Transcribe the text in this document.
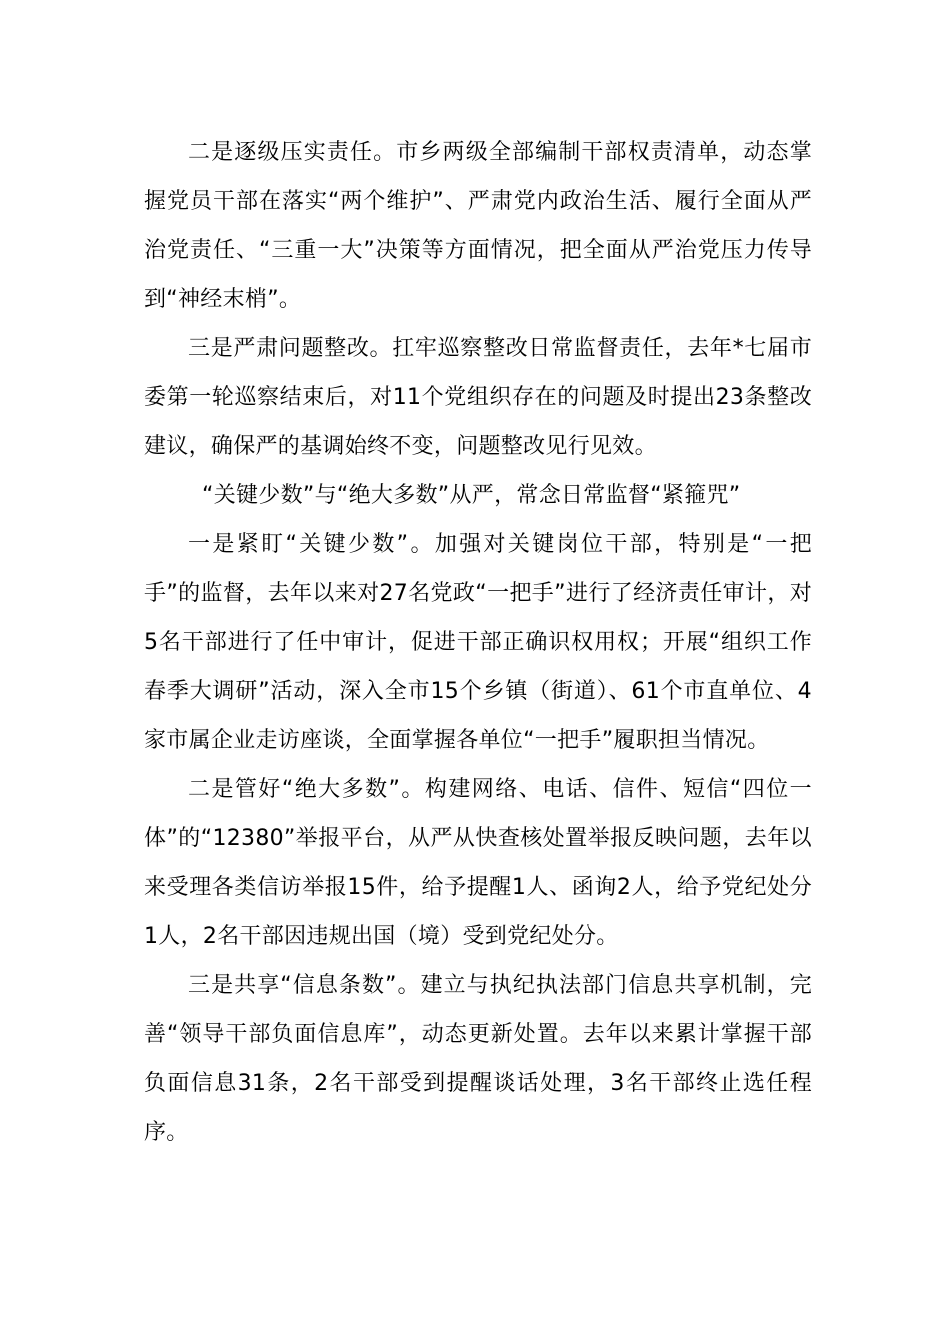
二是逐级压实责任。市乡两级全部编制干部权责清单，动态掌握党员干部在落实“两个维护”、严肃党内政治生活、履行全面从严治党责任、“三重一大”决策等方面情况，把全面从严治党压力传导到“神经末梢”。

三是严肃问题整改。扛牢巡察整改日常监督责任，去年*七届市委第一轮巡察结束后，对11个党组织存在的问题及时提出23条整改建议，确保严的基调始终不变，问题整改见行见效。

“关键少数”与“绝大多数”从严，常念日常监督“紧箍咒”

一是紧盯“关键少数”。加强对关键岗位干部，特别是“一把手”的监督，去年以来对27名党政“一把手”进行了经济责任审计，对5名干部进行了任中审计，促进干部正确识权用权；开展“组织工作春季大调研”活动，深入全市15个乡镇（街道）、61个市直单位、4家市属企业走访座谈，全面掌握各单位“一把手”履职担当情况。

二是管好“绝大多数”。构建网络、电话、信件、短信“四位一体”的“12380”举报平台，从严从快查核处置举报反映问题，去年以来受理各类信访举报15件，给予提醒1人、函询2人，给予党纪处分1人，2名干部因违规出国（境）受到党纪处分。

三是共享“信息条数”。建立与执纪执法部门信息共享机制，完善“领导干部负面信息库”，动态更新处置。去年以来累计掌握干部负面信息31条，2名干部受到提醒谈话处理，3名干部终止选任程序。
